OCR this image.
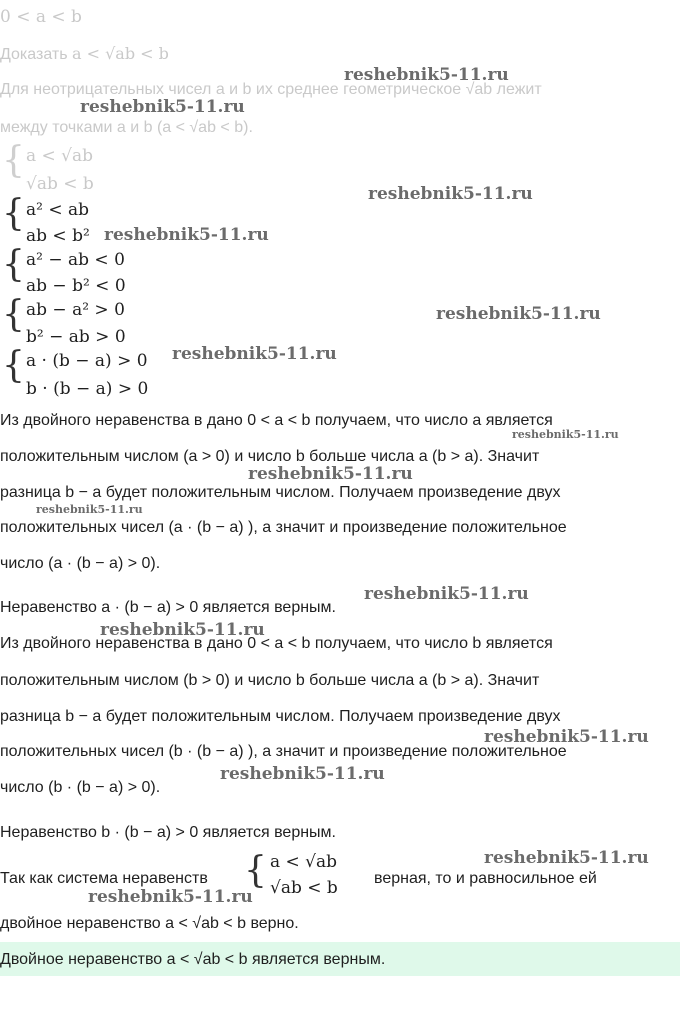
0 < a < b
Доказать a < √ab < b
Для неотрицательных чисел a и b их среднее геометрическое √ab лежит
между точками a и b (a < √ab < b).
{ a < √ab
√ab < b
{ a² < ab
ab < b²
{ a² − ab < 0
ab − b² < 0
{ ab − a² > 0
b² − ab > 0
{ a · (b − a) > 0
b · (b − a) > 0
Из двойного неравенства в дано 0 < a < b получаем, что число a является
положительным числом (a > 0) и число b больше числа a (b > a). Значит
разница b − a будет положительным числом. Получаем произведение двух
положительных чисел (a · (b − a) ), а значит и произведение положительное
число (a · (b − a) > 0).
Неравенство a · (b − a) > 0 является верным.
Из двойного неравенства в дано 0 < a < b получаем, что число b является
положительным числом (b > 0) и число b больше числа a (b > a). Значит
разница b − a будет положительным числом. Получаем произведение двух
положительных чисел (b · (b − a) ), а значит и произведение положительное
число (b · (b − a) > 0).
Неравенство b · (b − a) > 0 является верным.
Так как система неравенств { a < √ab
√ab < b верная, то и равносильное ей
двойное неравенство a < √ab < b верно.
Двойное неравенство a < √ab < b является верным.
reshebnik5-11.ru
reshebnik5-11.ru
reshebnik5-11.ru
reshebnik5-11.ru
reshebnik5-11.ru
reshebnik5-11.ru
reshebnik5-11.ru
reshebnik5-11.ru
reshebnik5-11.ru
reshebnik5-11.ru
reshebnik5-11.ru
reshebnik5-11.ru
reshebnik5-11.ru
reshebnik5-11.ru
reshebnik5-11.ru
